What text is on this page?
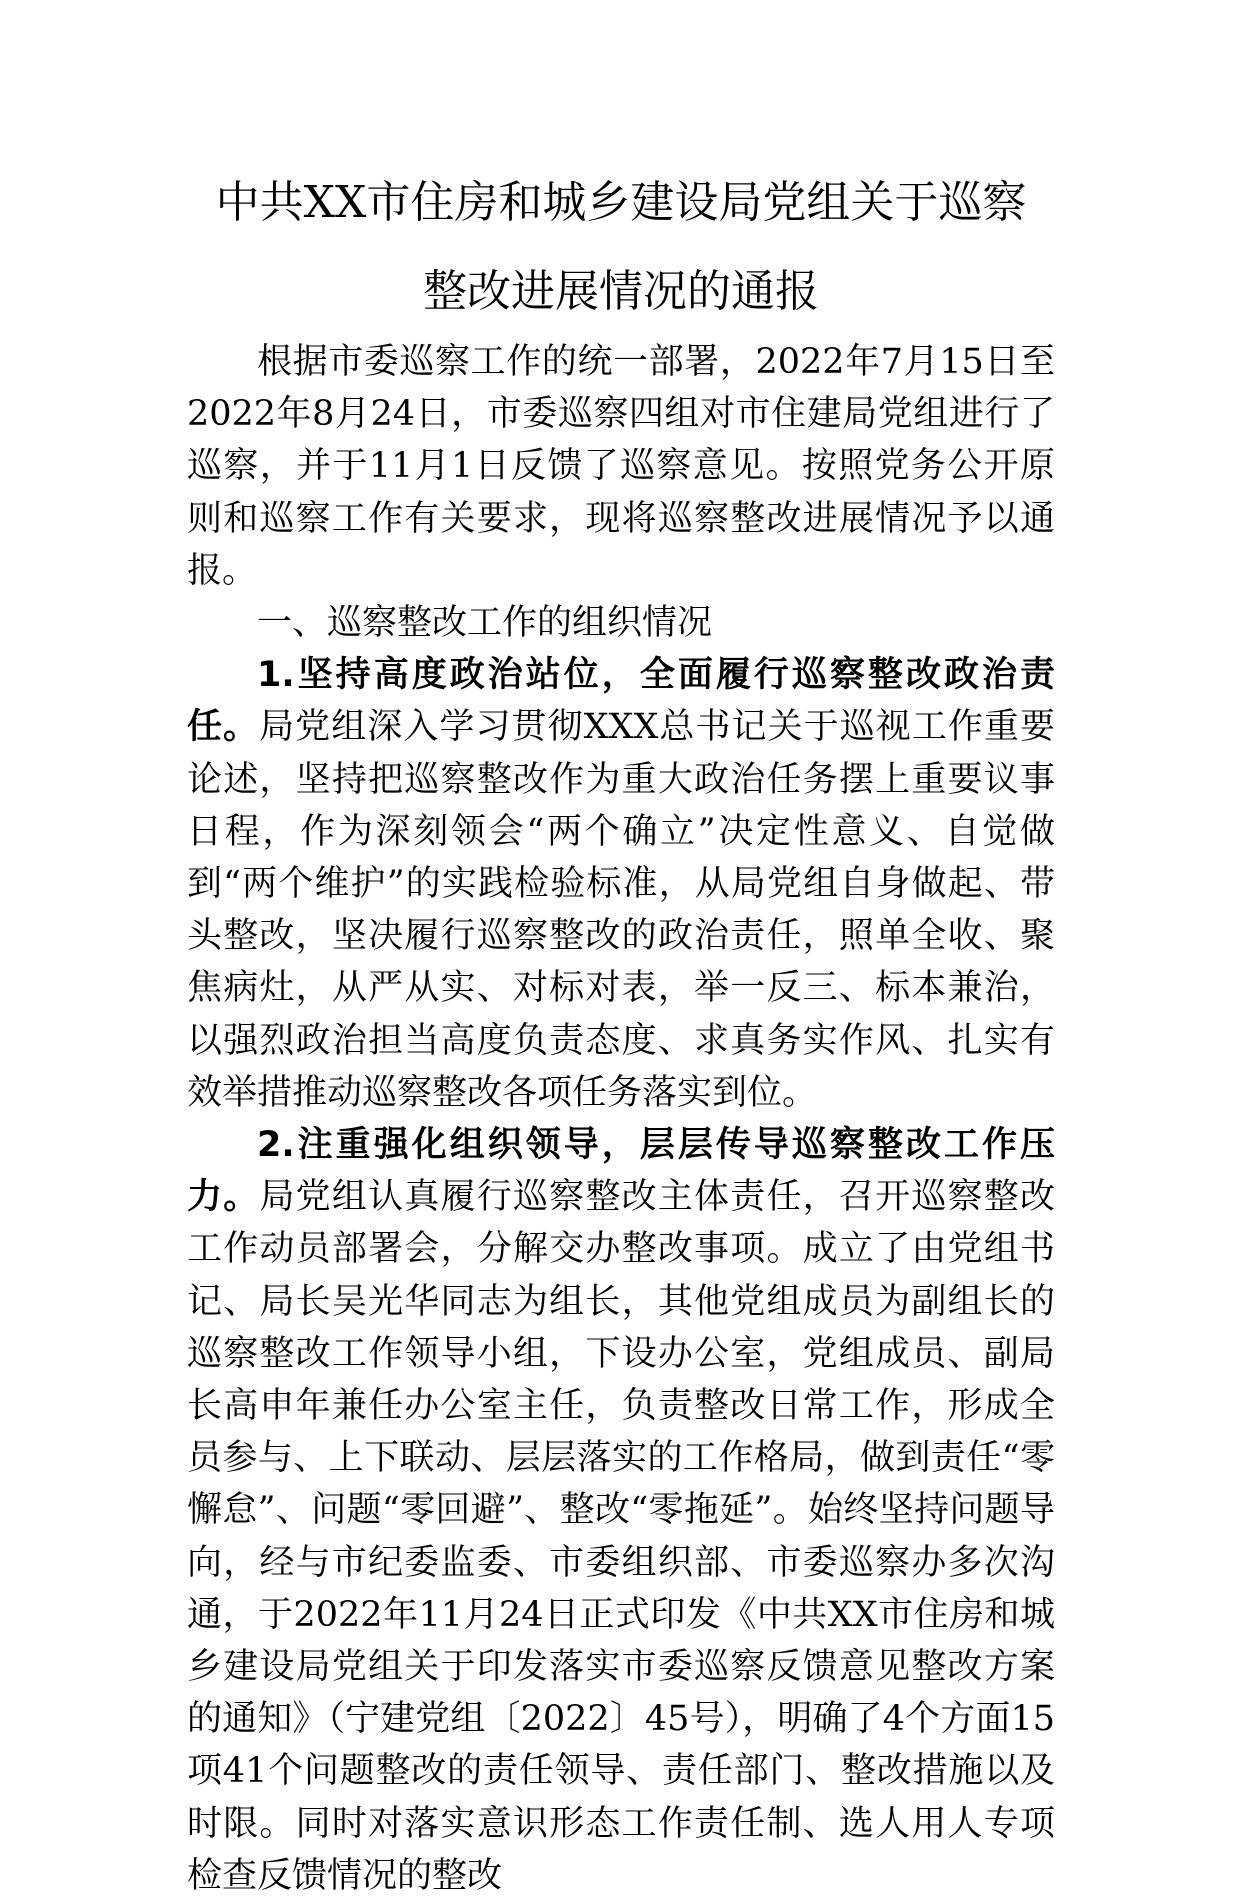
中共XX市住房和城乡建设局党组关于巡察
整改进展情况的通报

根据市委巡察工作的统一部署，2022年7月15日至2022年8月24日，市委巡察四组对市住建局党组进行了巡察，并于11月1日反馈了巡察意见。按照党务公开原则和巡察工作有关要求，现将巡察整改进展情况予以通报。

一、巡察整改工作的组织情况

1.坚持高度政治站位，全面履行巡察整改政治责任。局党组深入学习贯彻XXX总书记关于巡视工作重要论述，坚持把巡察整改作为重大政治任务摆上重要议事日程，作为深刻领会“两个确立”决定性意义、自觉做到“两个维护”的实践检验标准，从局党组自身做起、带头整改，坚决履行巡察整改的政治责任，照单全收、聚焦病灶，从严从实、对标对表，举一反三、标本兼治，以强烈政治担当高度负责态度、求真务实作风、扎实有效举措推动巡察整改各项任务落实到位。

2.注重强化组织领导，层层传导巡察整改工作压力。局党组认真履行巡察整改主体责任，召开巡察整改工作动员部署会，分解交办整改事项。成立了由党组书记、局长吴光华同志为组长，其他党组成员为副组长的巡察整改工作领导小组，下设办公室，党组成员、副局长高申年兼任办公室主任，负责整改日常工作，形成全员参与、上下联动、层层落实的工作格局，做到责任“零懈怠”、问题“零回避”、整改“零拖延”。始终坚持问题导向，经与市纪委监委、市委组织部、市委巡察办多次沟通，于2022年11月24日正式印发《中共XX市住房和城乡建设局党组关于印发落实市委巡察反馈意见整改方案的通知》（宁建党组〔2022〕45号），明确了4个方面15项41个问题整改的责任领导、责任部门、整改措施以及时限。同时对落实意识形态工作责任制、选人用人专项检查反馈情况的整改
